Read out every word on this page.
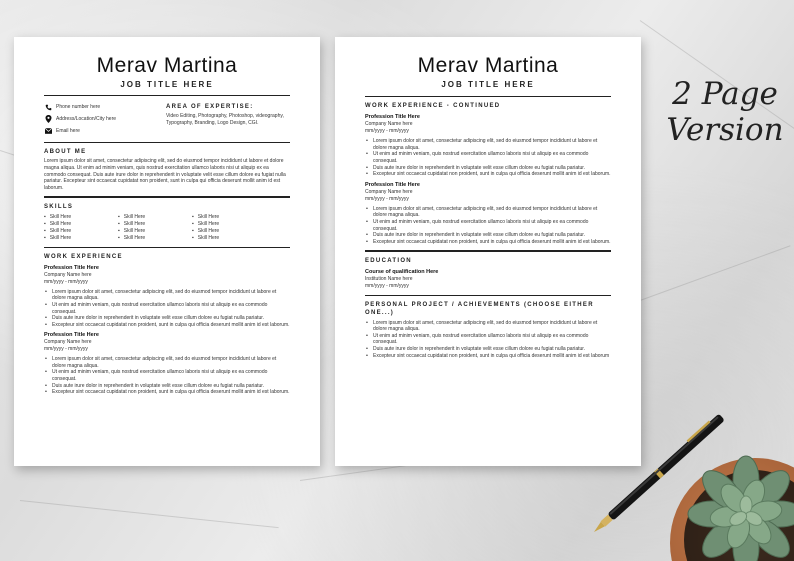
Merav Martina
JOB TITLE HERE
Phone number here
Address/Location/City here
Email here
AREA OF EXPERTISE:
Video Editing, Photography, Photoshop, videography, Typography, Branding, Logo Design, CGI.
ABOUT ME
Lorem ipsum dolor sit amet, consectetur adipiscing elit, sed do eiusmod tempor incididunt ut labore et dolore magna aliqua. Ut enim ad minim veniam, quis nostrud exercitation ullamco laboris nisi ut aliquip ex ea commodo consequat. Duis aute irure dolor in reprehenderit in voluptate velit esse cillum dolore eu fugiat nulla pariatur. Excepteur sint occaecat cupidatat non proident, sunt in culpa qui officia deserunt mollit anim id est laborum.
SKILLS
▪ Skill Here
▪ Skill Here
▪ Skill Here
▪ Skill Here
▪ Skill Here
▪ Skill Here
▪ Skill Here
▪ Skill Here
▪ Skill Here
▪ Skill Here
▪ Skill Here
▪ Skill Here
WORK EXPERIENCE
Profession Title Here
Company Name here
mm/yyyy - mm/yyyy
• Lorem ipsum dolor sit amet, consectetur adipiscing elit, sed do eiusmod tempor incididunt ut labore et dolore magna aliqua.
• Ut enim ad minim veniam, quis nostrud exercitation ullamco laboris nisi ut aliquip ex ea commodo consequat.
• Duis aute irure dolor in reprehenderit in voluptate velit esse cillum dolore eu fugiat nulla pariatur.
• Excepteur sint occaecat cupidatat non proident, sunt in culpa qui officia deserunt mollit anim id est laborum.
Profession Title Here
Company Name here
mm/yyyy - mm/yyyy
• Lorem ipsum dolor sit amet, consectetur adipiscing elit, sed do eiusmod tempor incididunt ut labore et dolore magna aliqua.
• Ut enim ad minim veniam, quis nostrud exercitation ullamco laboris nisi ut aliquip ex ea commodo consequat.
• Duis aute irure dolor in reprehenderit in voluptate velit esse cillum dolore eu fugiat nulla pariatur.
• Excepteur sint occaecat cupidatat non proident, sunt in culpa qui officia deserunt mollit anim id est laborum.
Merav Martina
JOB TITLE HERE
WORK EXPERIENCE - CONTINUED
Profession Title Here
Company Name here
mm/yyyy - mm/yyyy
• Lorem ipsum dolor sit amet, consectetur adipiscing elit, sed do eiusmod tempor incididunt ut labore et dolore magna aliqua.
• Ut enim ad minim veniam, quis nostrud exercitation ullamco laboris nisi ut aliquip ex ea commodo consequat.
• Duis aute irure dolor in reprehenderit in voluptate velit esse cillum dolore eu fugiat nulla pariatur.
• Excepteur sint occaecat cupidatat non proident, sunt in culpa qui officia deserunt mollit anim id est laborum.
Profession Title Here
Company Name here
mm/yyyy - mm/yyyy
• Lorem ipsum dolor sit amet, consectetur adipiscing elit, sed do eiusmod tempor incididunt ut labore et dolore magna aliqua.
• Ut enim ad minim veniam, quis nostrud exercitation ullamco laboris nisi ut aliquip ex ea commodo consequat.
• Duis aute irure dolor in reprehenderit in voluptate velit esse cillum dolore eu fugiat nulla pariatur.
• Excepteur sint occaecat cupidatat non proident, sunt in culpa qui officia deserunt mollit anim id est laborum.
EDUCATION
Course of qualification Here
Institution Name here
mm/yyyy - mm/yyyy
PERSONAL PROJECT / ACHIEVEMENTS (CHOOSE EITHER ONE...)
• Lorem ipsum dolor sit amet, consectetur adipiscing elit, sed do eiusmod tempor incididunt ut labore et dolore magna aliqua.
• Ut enim ad minim veniam, quis nostrud exercitation ullamco laboris nisi ut aliquip ex ea commodo consequat.
• Duis aute irure dolor in reprehenderit in voluptate velit esse cillum dolore eu fugiat nulla pariatur.
• Excepteur sint occaecat cupidatat non proident, sunt in culpa qui officia deserunt mollit anim id est laborum
2 Page
Version
